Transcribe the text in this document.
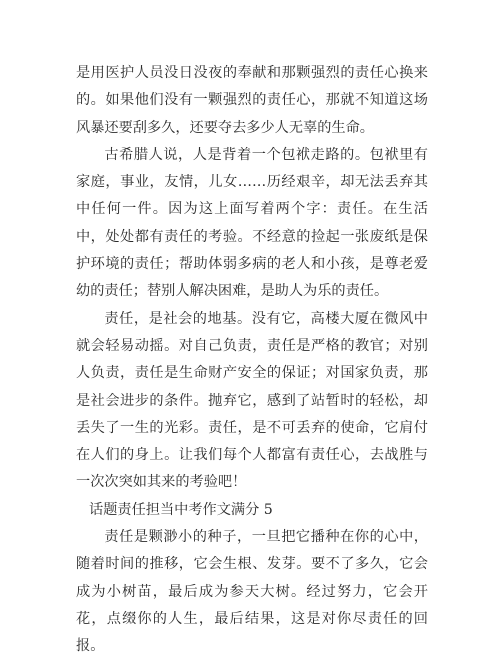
是用医护人员没日没夜的奉献和那颗强烈的责任心换来的。如果他们没有一颗强烈的责任心，那就不知道这场风暴还要刮多久，还要夺去多少人无辜的生命。

古希腊人说，人是背着一个包袱走路的。包袱里有家庭，事业，友情，儿女……历经艰辛，却无法丢弃其中任何一件。因为这上面写着两个字：责任。在生活中，处处都有责任的考验。不经意的捡起一张废纸是保护环境的责任；帮助体弱多病的老人和小孩，是尊老爱幼的责任；替别人解决困难，是助人为乐的责任。

责任，是社会的地基。没有它，高楼大厦在微风中就会轻易动摇。对自己负责，责任是严格的教官；对别人负责，责任是生命财产安全的保证；对国家负责，那是社会进步的条件。抛弃它，感到了站暂时的轻松，却丢失了一生的光彩。责任，是不可丢弃的使命，它肩付在人们的身上。让我们每个人都富有责任心，去战胜与一次次突如其来的考验吧！

话题责任担当中考作文满分 5

责任是颗渺小的种子，一旦把它播种在你的心中，随着时间的推移，它会生根、发芽。要不了多久，它会成为小树苗，最后成为参天大树。经过努力，它会开花，点缀你的人生，最后结果，这是对你尽责任的回报。
